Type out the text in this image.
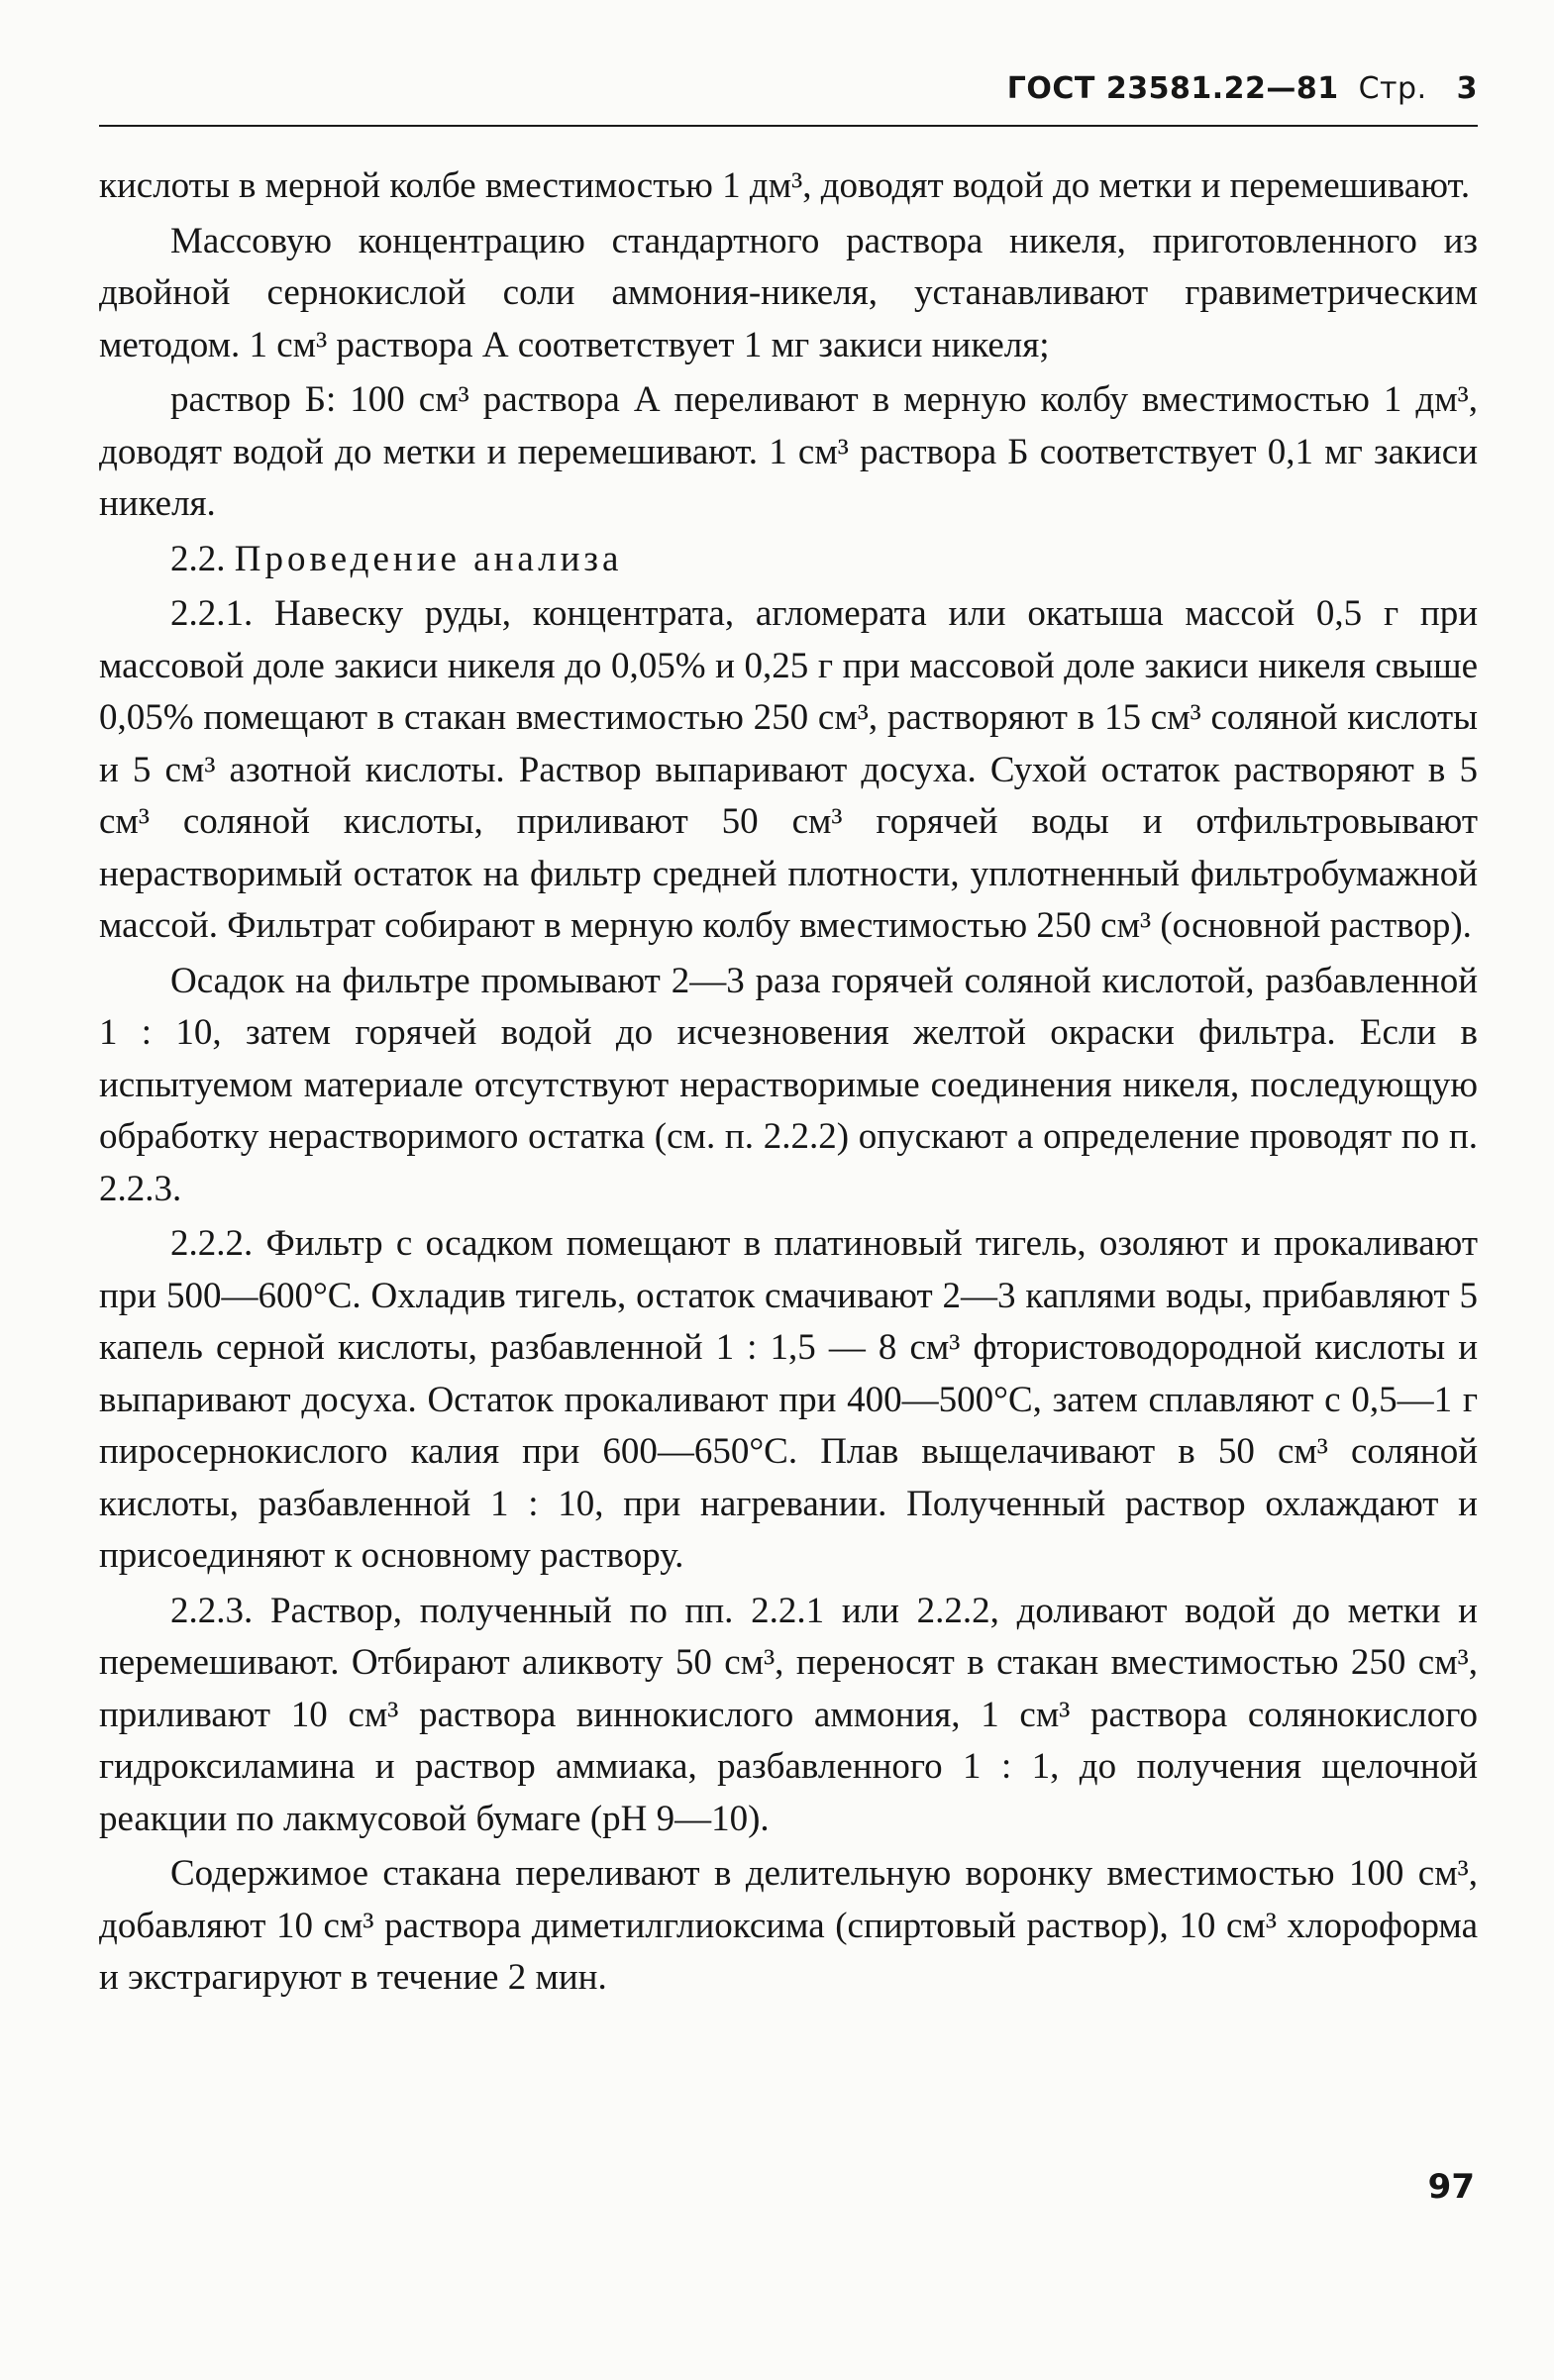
ГОСТ 23581.22—81 Стр. 3

кислоты в мерной колбе вместимостью 1 дм³, доводят водой до метки и перемешивают.

Массовую концентрацию стандартного раствора никеля, приготовленного из двойной сернокислой соли аммония-никеля, устанавливают гравиметрическим методом. 1 см³ раствора А соответствует 1 мг закиси никеля;

раствор Б: 100 см³ раствора А переливают в мерную колбу вместимостью 1 дм³, доводят водой до метки и перемешивают. 1 см³ раствора Б соответствует 0,1 мг закиси никеля.

2.2. Проведение анализа

2.2.1. Навеску руды, концентрата, агломерата или окатыша массой 0,5 г при массовой доле закиси никеля до 0,05% и 0,25 г при массовой доле закиси никеля свыше 0,05% помещают в стакан вместимостью 250 см³, растворяют в 15 см³ соляной кислоты и 5 см³ азотной кислоты. Раствор выпаривают досуха. Сухой остаток растворяют в 5 см³ соляной кислоты, приливают 50 см³ горячей воды и отфильтровывают нерастворимый остаток на фильтр средней плотности, уплотненный фильтробумажной массой. Фильтрат собирают в мерную колбу вместимостью 250 см³ (основной раствор).

Осадок на фильтре промывают 2—3 раза горячей соляной кислотой, разбавленной 1 : 10, затем горячей водой до исчезновения желтой окраски фильтра. Если в испытуемом материале отсутствуют нерастворимые соединения никеля, последующую обработку нерастворимого остатка (см. п. 2.2.2) опускают а определение проводят по п. 2.2.3.

2.2.2. Фильтр с осадком помещают в платиновый тигель, озоляют и прокаливают при 500—600°С. Охладив тигель, остаток смачивают 2—3 каплями воды, прибавляют 5 капель серной кислоты, разбавленной 1 : 1,5 — 8 см³ фтористоводородной кислоты и выпаривают досуха. Остаток прокаливают при 400—500°С, затем сплавляют с 0,5—1 г пиросернокислого калия при 600—650°С. Плав выщелачивают в 50 см³ соляной кислоты, разбавленной 1 : 10, при нагревании. Полученный раствор охлаждают и присоединяют к основному раствору.

2.2.3. Раствор, полученный по пп. 2.2.1 или 2.2.2, доливают водой до метки и перемешивают. Отбирают аликвоту 50 см³, переносят в стакан вместимостью 250 см³, приливают 10 см³ раствора виннокислого аммония, 1 см³ раствора солянокислого гидроксиламина и раствор аммиака, разбавленного 1 : 1, до получения щелочной реакции по лакмусовой бумаге (pH 9—10).

Содержимое стакана переливают в делительную воронку вместимостью 100 см³, добавляют 10 см³ раствора диметилглиоксима (спиртовый раствор), 10 см³ хлороформа и экстрагируют в течение 2 мин.

97
